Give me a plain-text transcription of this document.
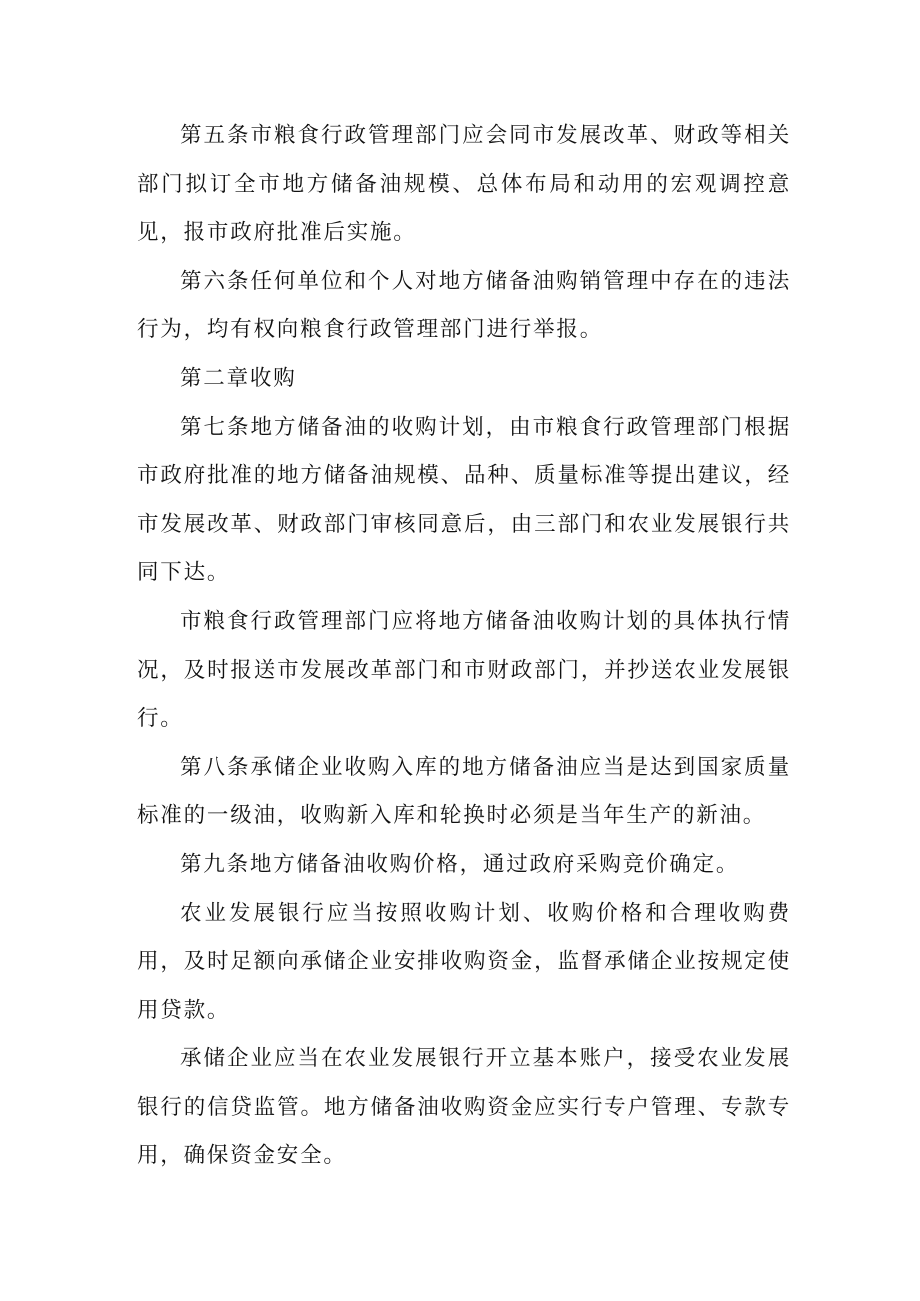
第五条市粮食行政管理部门应会同市发展改革、财政等相关部门拟订全市地方储备油规模、总体布局和动用的宏观调控意见，报市政府批准后实施。

第六条任何单位和个人对地方储备油购销管理中存在的违法行为，均有权向粮食行政管理部门进行举报。

第二章收购

第七条地方储备油的收购计划，由市粮食行政管理部门根据市政府批准的地方储备油规模、品种、质量标准等提出建议，经市发展改革、财政部门审核同意后，由三部门和农业发展银行共同下达。

市粮食行政管理部门应将地方储备油收购计划的具体执行情况，及时报送市发展改革部门和市财政部门，并抄送农业发展银行。

第八条承储企业收购入库的地方储备油应当是达到国家质量标准的一级油，收购新入库和轮换时必须是当年生产的新油。

第九条地方储备油收购价格，通过政府采购竞价确定。

农业发展银行应当按照收购计划、收购价格和合理收购费用，及时足额向承储企业安排收购资金，监督承储企业按规定使用贷款。

承储企业应当在农业发展银行开立基本账户，接受农业发展银行的信贷监管。地方储备油收购资金应实行专户管理、专款专用，确保资金安全。
